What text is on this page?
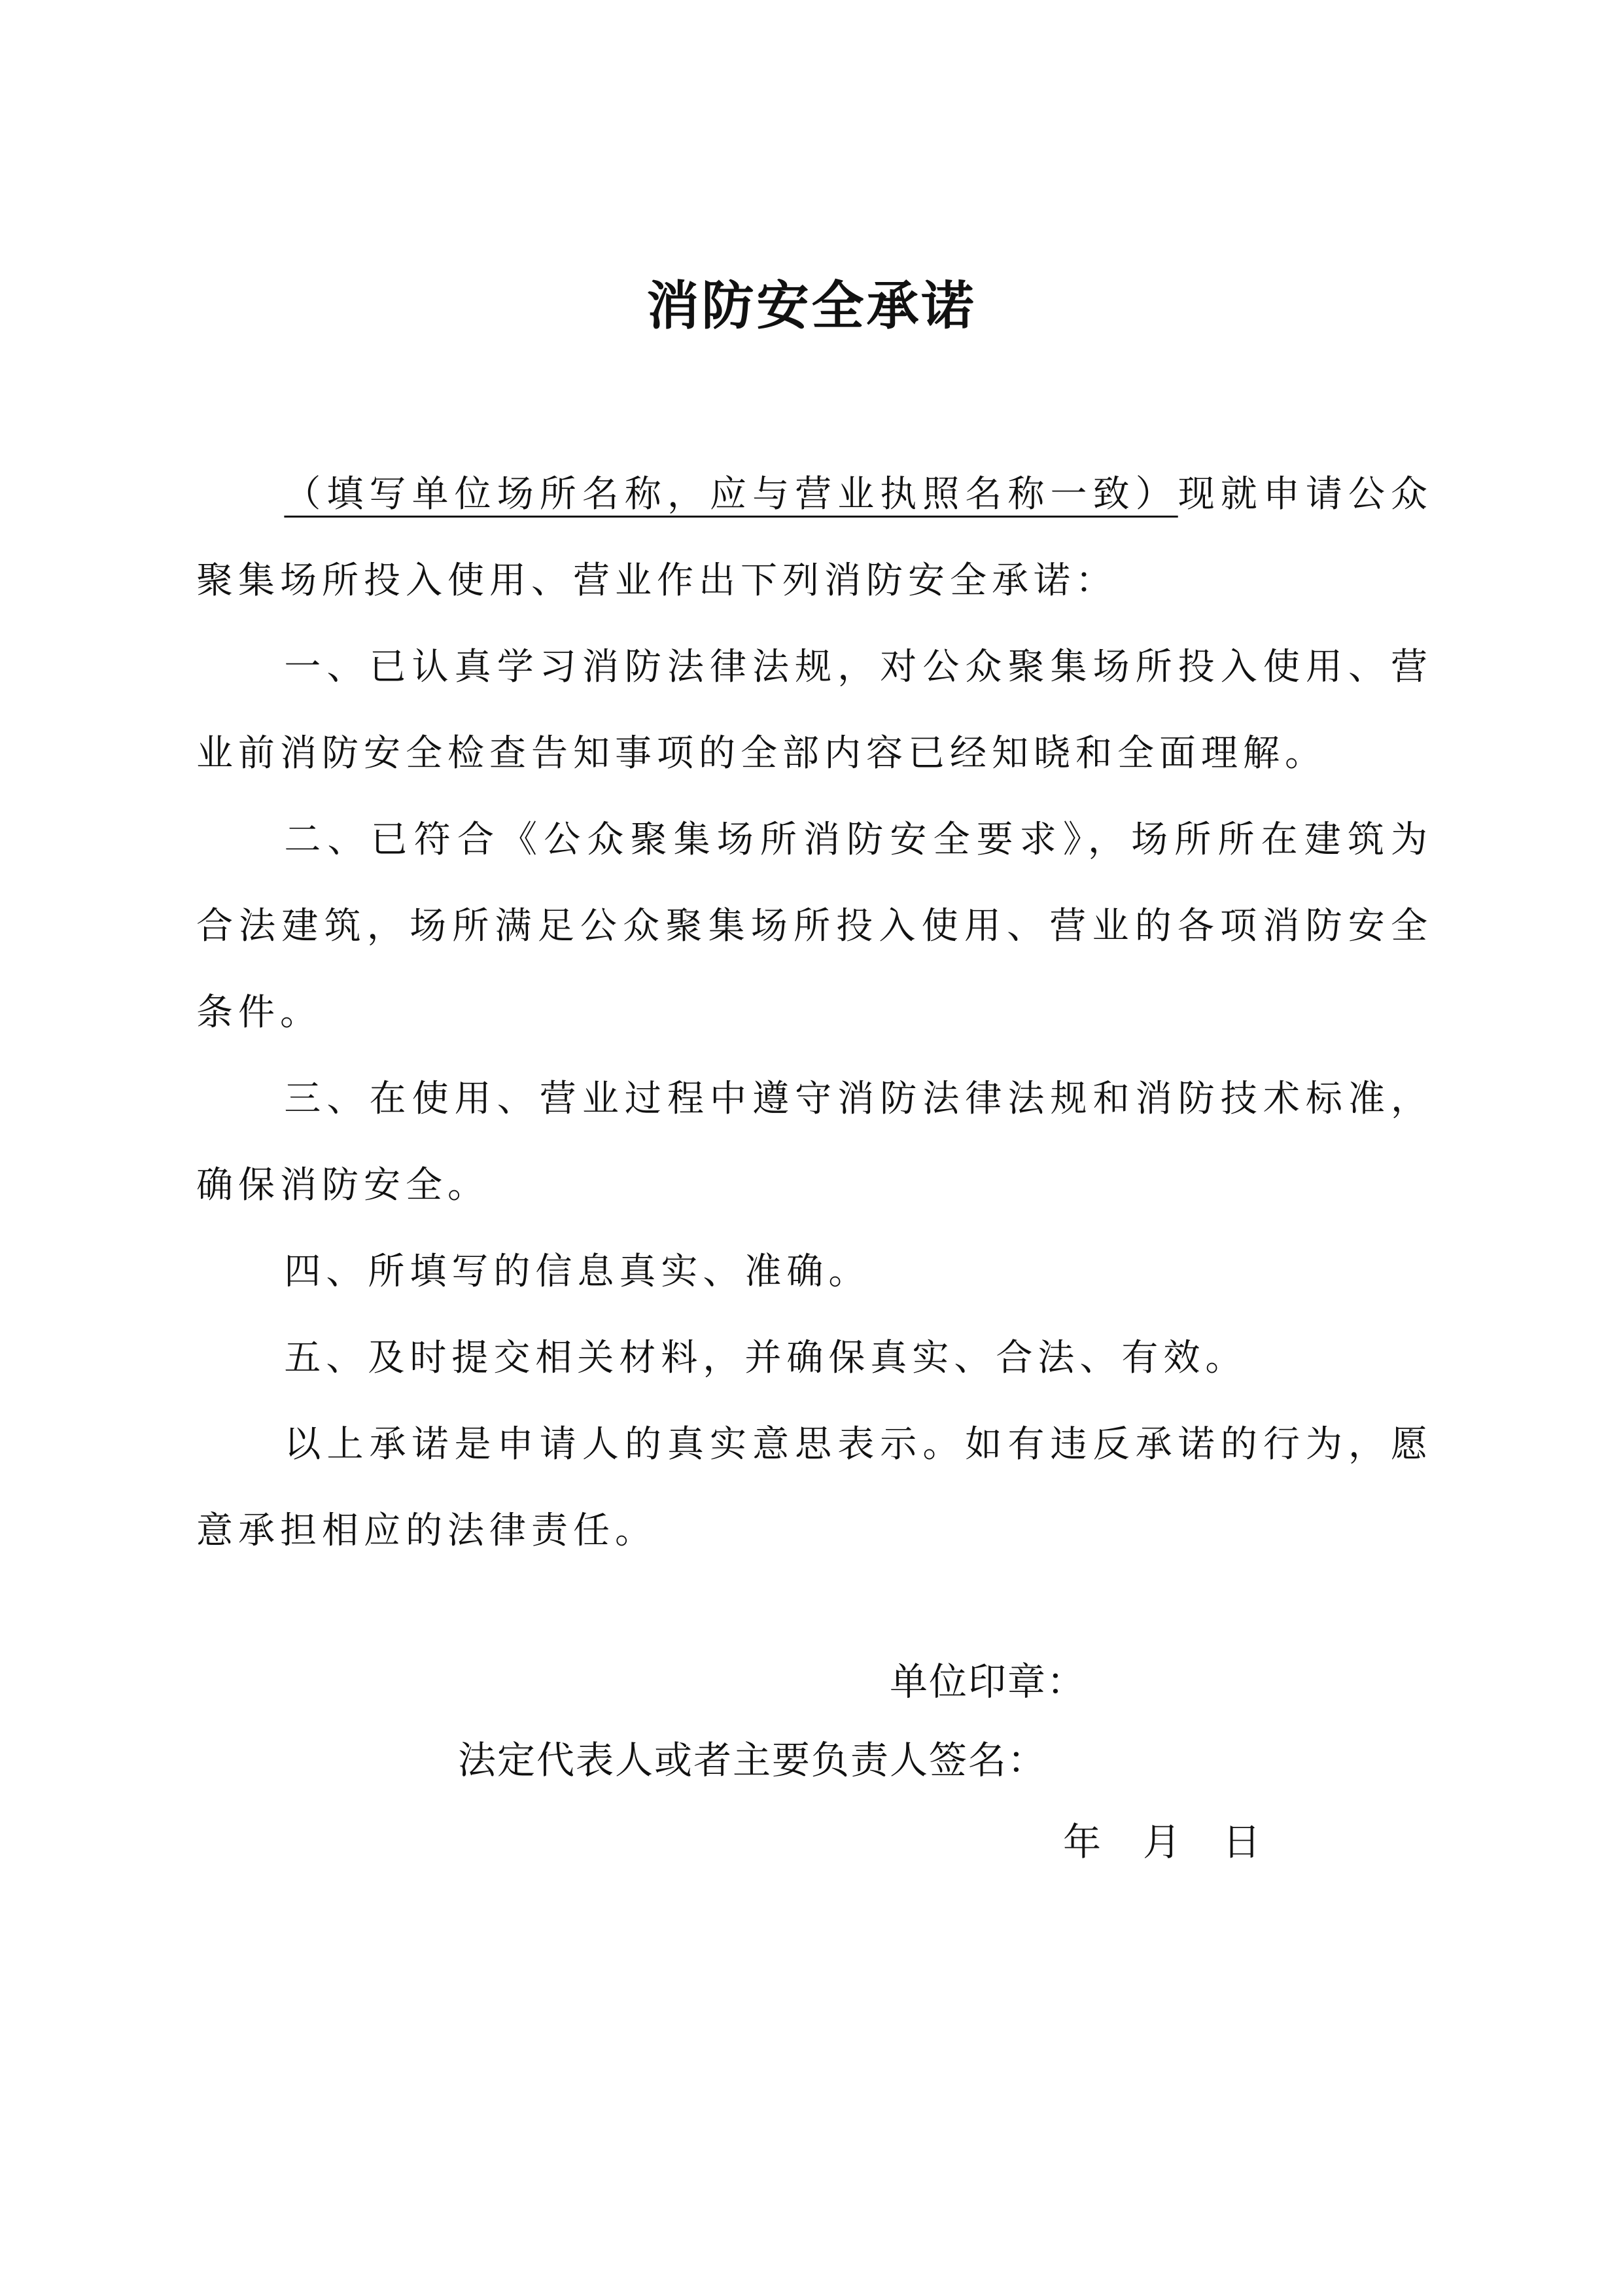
消防安全承诺

（填写单位场所名称，应与营业执照名称一致）现就申请公众聚集场所投入使用、营业作出下列消防安全承诺：

一、已认真学习消防法律法规，对公众聚集场所投入使用、营业前消防安全检查告知事项的全部内容已经知晓和全面理解。

二、已符合《公众聚集场所消防安全要求》，场所所在建筑为合法建筑，场所满足公众聚集场所投入使用、营业的各项消防安全条件。

三、在使用、营业过程中遵守消防法律法规和消防技术标准，确保消防安全。

四、所填写的信息真实、准确。

五、及时提交相关材料，并确保真实、合法、有效。

以上承诺是申请人的真实意思表示。如有违反承诺的行为，愿意承担相应的法律责任。

单位印章：
法定代表人或者主要负责人签名：
年 月 日
